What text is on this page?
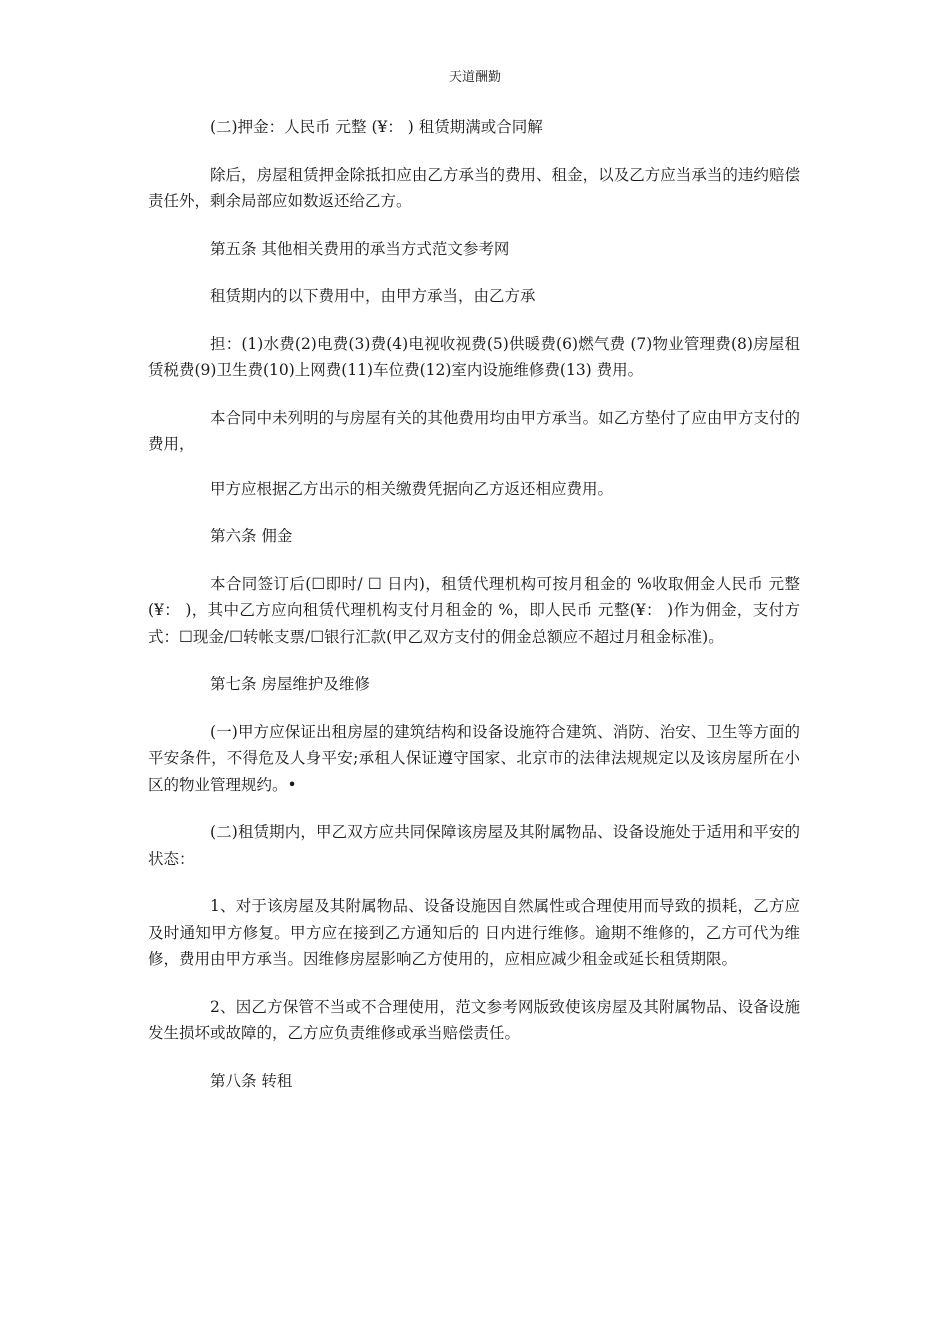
天道酬勤

(二)押金：人民币 元整 (¥： ) 租赁期满或合同解

除后，房屋租赁押金除抵扣应由乙方承当的费用、租金，以及乙方应当承当的违约赔偿责任外，剩余局部应如数返还给乙方。

第五条 其他相关费用的承当方式范文参考网

租赁期内的以下费用中，由甲方承当，由乙方承

担：(1)水费(2)电费(3)费(4)电视收视费(5)供暖费(6)燃气费 (7)物业管理费(8)房屋租赁税费(9)卫生费(10)上网费(11)车位费(12)室内设施维修费(13) 费用。

本合同中未列明的与房屋有关的其他费用均由甲方承当。如乙方垫付了应由甲方支付的费用，

甲方应根据乙方出示的相关缴费凭据向乙方返还相应费用。

第六条 佣金

本合同签订后(☐即时/ ☐ 日内)，租赁代理机构可按月租金的 %收取佣金人民币 元整(¥： )，其中乙方应向租赁代理机构支付月租金的 %，即人民币 元整(¥： )作为佣金，支付方式：☐现金/☐转帐支票/☐银行汇款(甲乙双方支付的佣金总额应不超过月租金标准)。

第七条 房屋维护及维修

(一)甲方应保证出租房屋的建筑结构和设备设施符合建筑、消防、治安、卫生等方面的平安条件，不得危及人身平安;承租人保证遵守国家、北京市的法律法规规定以及该房屋所在小区的物业管理规约。•

(二)租赁期内，甲乙双方应共同保障该房屋及其附属物品、设备设施处于适用和平安的状态：

1、对于该房屋及其附属物品、设备设施因自然属性或合理使用而导致的损耗，乙方应及时通知甲方修复。甲方应在接到乙方通知后的 日内进行维修。逾期不维修的，乙方可代为维修，费用由甲方承当。因维修房屋影响乙方使用的，应相应减少租金或延长租赁期限。

2、因乙方保管不当或不合理使用，范文参考网版致使该房屋及其附属物品、设备设施发生损坏或故障的，乙方应负责维修或承当赔偿责任。

第八条 转租
